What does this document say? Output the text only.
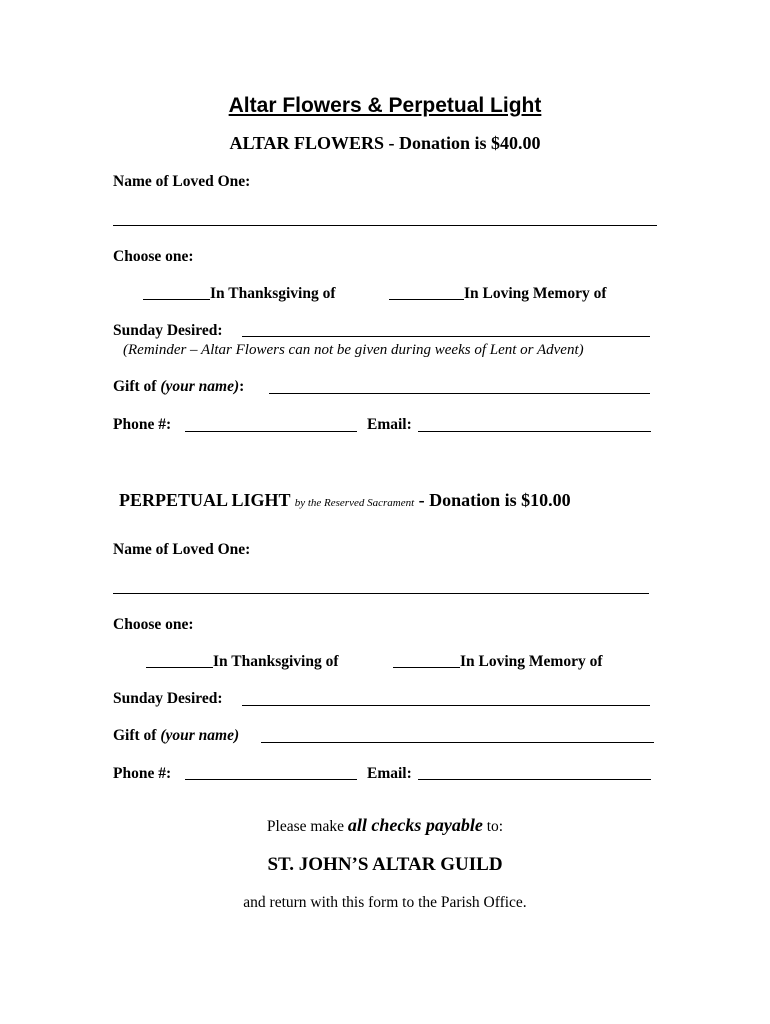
Altar Flowers & Perpetual Light
ALTAR FLOWERS - Donation is $40.00
Name of Loved One:
Choose one:
In Thanksgiving of	In Loving Memory of
Sunday Desired:
(Reminder – Altar Flowers can not be given during weeks of Lent or Advent)
Gift of (your name):
Phone #:	Email:
PERPETUAL LIGHT by the Reserved Sacrament - Donation is $10.00
Name of Loved One:
Choose one:
In Thanksgiving of	In Loving Memory of
Sunday Desired:
Gift of (your name)
Phone #:	Email:
Please make all checks payable to:
ST. JOHN’S ALTAR GUILD
and return with this form to the Parish Office.
